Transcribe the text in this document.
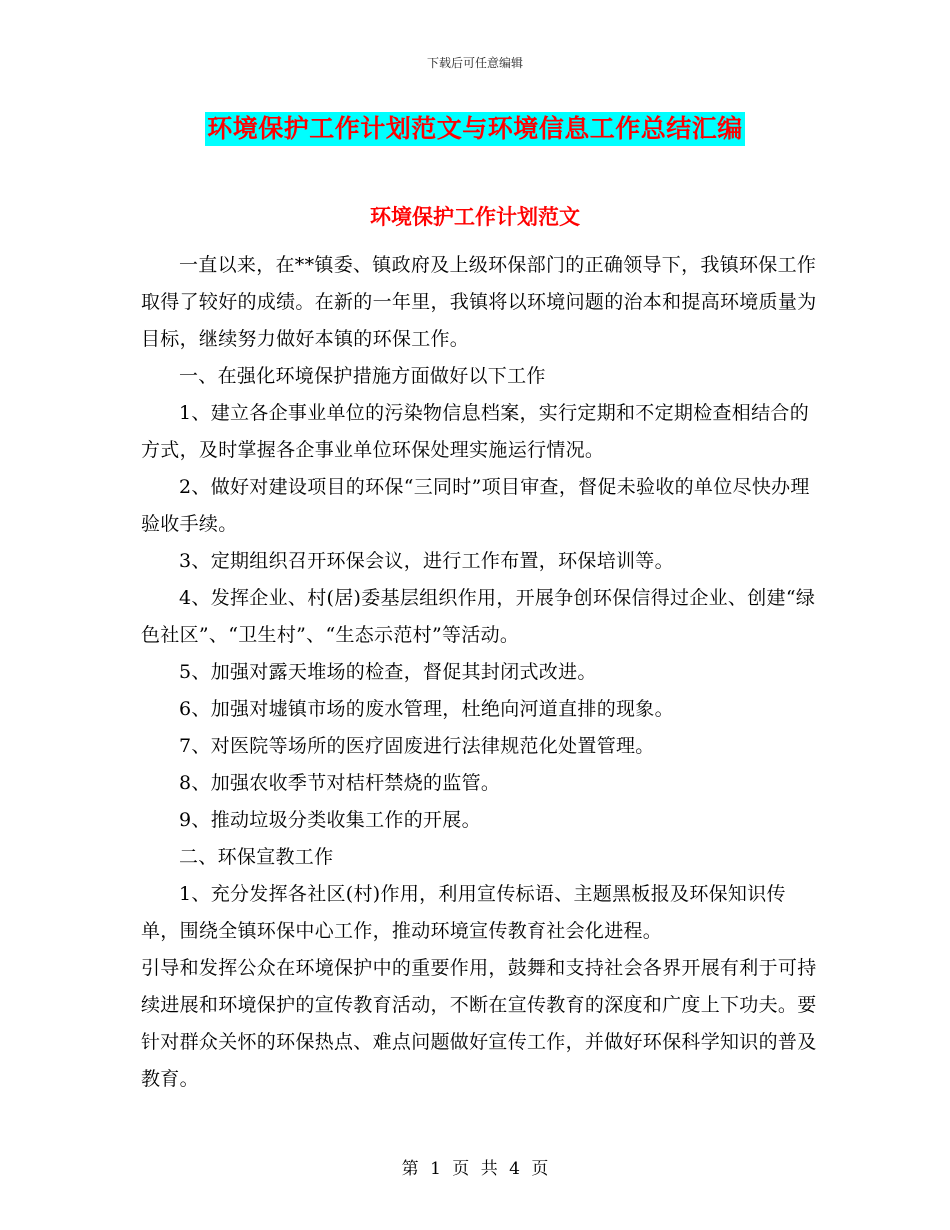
下载后可任意编辑
环境保护工作计划范文与环境信息工作总结汇编
环境保护工作计划范文

一直以来，在**镇委、镇政府及上级环保部门的正确领导下，我镇环保工作取得了较好的成绩。在新的一年里，我镇将以环境问题的治本和提高环境质量为目标，继续努力做好本镇的环保工作。

一、在强化环境保护措施方面做好以下工作

1、建立各企事业单位的污染物信息档案，实行定期和不定期检查相结合的方式，及时掌握各企事业单位环保处理实施运行情况。

2、做好对建设项目的环保“三同时”项目审查，督促未验收的单位尽快办理验收手续。

3、定期组织召开环保会议，进行工作布置，环保培训等。

4、发挥企业、村(居)委基层组织作用，开展争创环保信得过企业、创建“绿色社区”、“卫生村”、“生态示范村”等活动。

5、加强对露天堆场的检查，督促其封闭式改进。

6、加强对墟镇市场的废水管理，杜绝向河道直排的现象。

7、对医院等场所的医疗固废进行法律规范化处置管理。

8、加强农收季节对桔杆禁烧的监管。

9、推动垃圾分类收集工作的开展。

二、环保宣教工作

1、充分发挥各社区(村)作用，利用宣传标语、主题黑板报及环保知识传单，围绕全镇环保中心工作，推动环境宣传教育社会化进程。

引导和发挥公众在环境保护中的重要作用，鼓舞和支持社会各界开展有利于可持续进展和环境保护的宣传教育活动，不断在宣传教育的深度和广度上下功夫。要针对群众关怀的环保热点、难点问题做好宣传工作，并做好环保科学知识的普及教育。

第 1 页 共 4 页
